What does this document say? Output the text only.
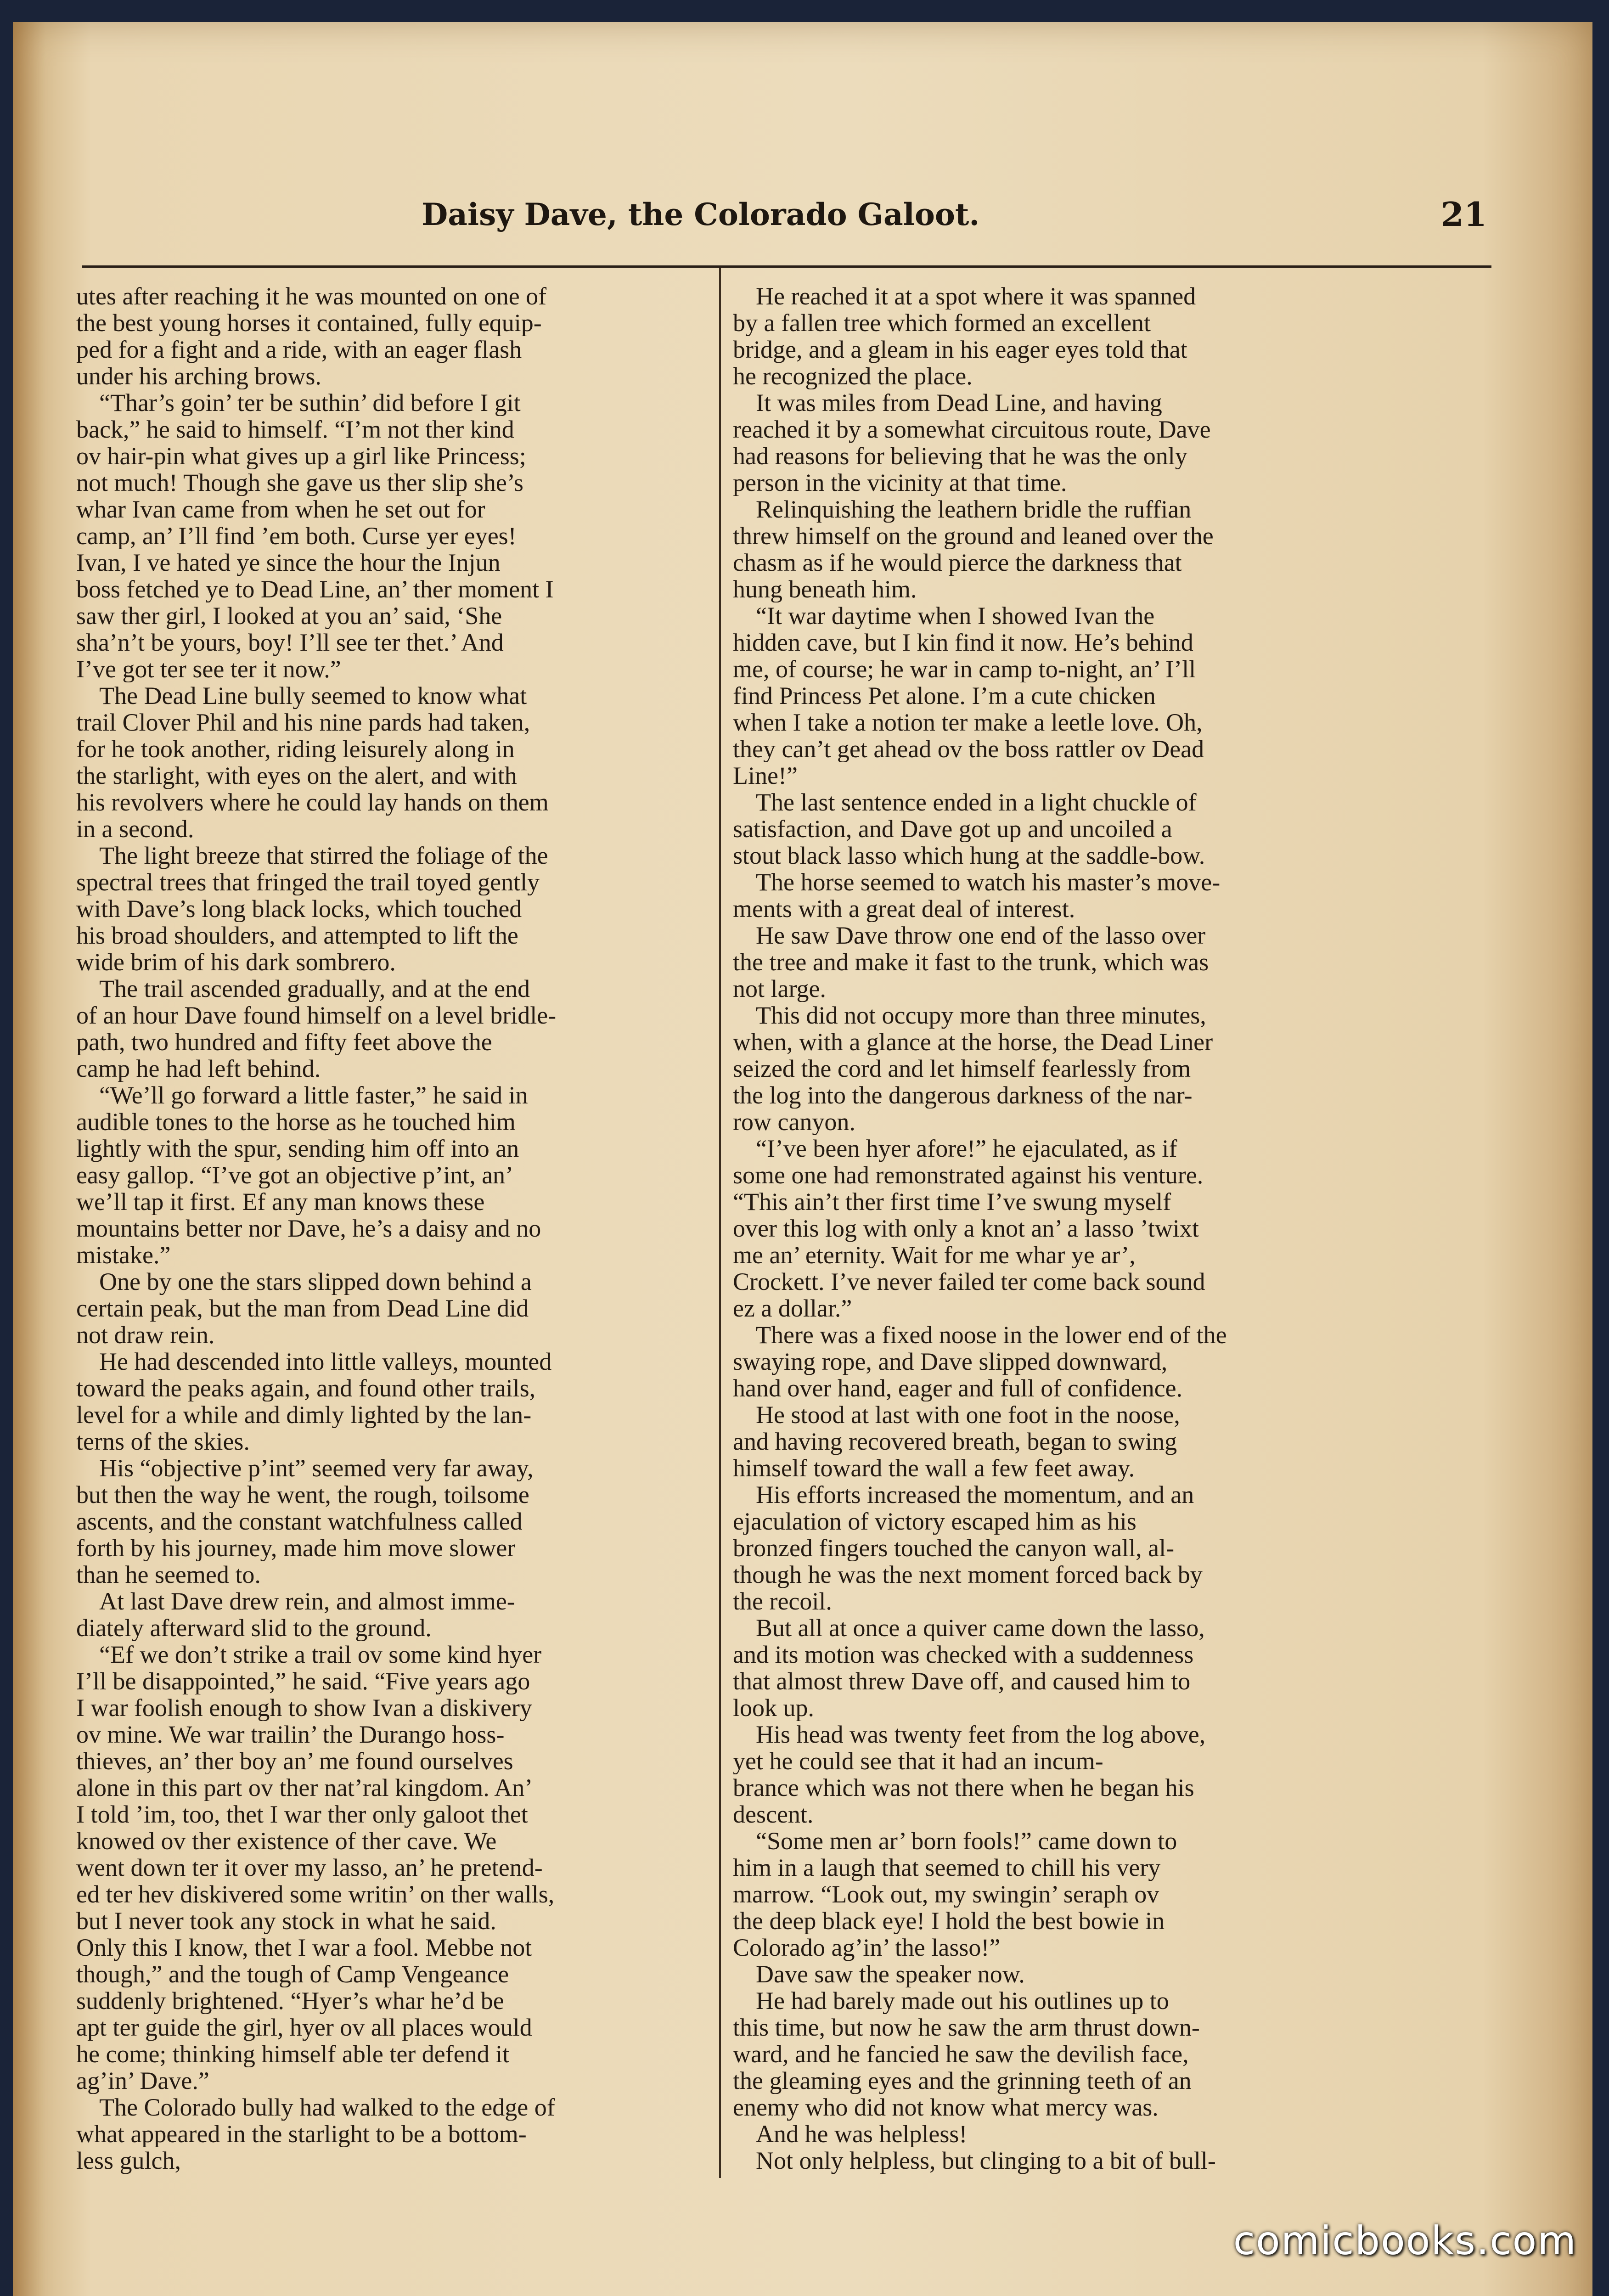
Daisy Dave, the Colorado Galoot.	21
utes after reaching it he was mounted on one of
the best young horses it contained, fully equip-
ped for a fight and a ride, with an eager flash
under his arching brows.
“Thar’s goin’ ter be suthin’ did before I git
back,” he said to himself. “I’m not ther kind
ov hair-pin what gives up a girl like Princess;
not much! Though she gave us ther slip she’s
whar Ivan came from when he set out for
camp, an’ I’ll find ’em both. Curse yer eyes!
Ivan, I ve hated ye since the hour the Injun
boss fetched ye to Dead Line, an’ ther moment I
saw ther girl, I looked at you an’ said, ‘She
sha’n’t be yours, boy! I’ll see ter thet.’ And
I’ve got ter see ter it now.”
The Dead Line bully seemed to know what
trail Clover Phil and his nine pards had taken,
for he took another, riding leisurely along in
the starlight, with eyes on the alert, and with
his revolvers where he could lay hands on them
in a second.
The light breeze that stirred the foliage of the
spectral trees that fringed the trail toyed gently
with Dave’s long black locks, which touched
his broad shoulders, and attempted to lift the
wide brim of his dark sombrero.
The trail ascended gradually, and at the end
of an hour Dave found himself on a level bridle-
path, two hundred and fifty feet above the
camp he had left behind.
“We’ll go forward a little faster,” he said in
audible tones to the horse as he touched him
lightly with the spur, sending him off into an
easy gallop. “I’ve got an objective p’int, an’
we’ll tap it first. Ef any man knows these
mountains better nor Dave, he’s a daisy and no
mistake.”
One by one the stars slipped down behind a
certain peak, but the man from Dead Line did
not draw rein.
He had descended into little valleys, mounted
toward the peaks again, and found other trails,
level for a while and dimly lighted by the lan-
terns of the skies.
His “objective p’int” seemed very far away,
but then the way he went, the rough, toilsome
ascents, and the constant watchfulness called
forth by his journey, made him move slower
than he seemed to.
At last Dave drew rein, and almost imme-
diately afterward slid to the ground.
“Ef we don’t strike a trail ov some kind hyer
I’ll be disappointed,” he said. “Five years ago
I war foolish enough to show Ivan a diskivery
ov mine. We war trailin’ the Durango hoss-
thieves, an’ ther boy an’ me found ourselves
alone in this part ov ther nat’ral kingdom. An’
I told ’im, too, thet I war ther only galoot thet
knowed ov ther existence of ther cave. We
went down ter it over my lasso, an’ he pretend-
ed ter hev diskivered some writin’ on ther walls,
but I never took any stock in what he said.
Only this I know, thet I war a fool. Mebbe not
though,” and the tough of Camp Vengeance
suddenly brightened. “Hyer’s whar he’d be
apt ter guide the girl, hyer ov all places would
he come; thinking himself able ter defend it
ag’in’ Dave.”
The Colorado bully had walked to the edge of
what appeared in the starlight to be a bottom-
less gulch,
He reached it at a spot where it was spanned
by a fallen tree which formed an excellent
bridge, and a gleam in his eager eyes told that
he recognized the place.
It was miles from Dead Line, and having
reached it by a somewhat circuitous route, Dave
had reasons for believing that he was the only
person in the vicinity at that time.
Relinquishing the leathern bridle the ruffian
threw himself on the ground and leaned over the
chasm as if he would pierce the darkness that
hung beneath him.
“It war daytime when I showed Ivan the
hidden cave, but I kin find it now. He’s behind
me, of course; he war in camp to-night, an’ I’ll
find Princess Pet alone. I’m a cute chicken
when I take a notion ter make a leetle love. Oh,
they can’t get ahead ov the boss rattler ov Dead
Line!”
The last sentence ended in a light chuckle of
satisfaction, and Dave got up and uncoiled a
stout black lasso which hung at the saddle-bow.
The horse seemed to watch his master’s move-
ments with a great deal of interest.
He saw Dave throw one end of the lasso over
the tree and make it fast to the trunk, which was
not large.
This did not occupy more than three minutes,
when, with a glance at the horse, the Dead Liner
seized the cord and let himself fearlessly from
the log into the dangerous darkness of the nar-
row canyon.
“I’ve been hyer afore!” he ejaculated, as if
some one had remonstrated against his venture.
“This ain’t ther first time I’ve swung myself
over this log with only a knot an’ a lasso ’twixt
me an’ eternity. Wait for me whar ye ar’,
Crockett. I’ve never failed ter come back sound
ez a dollar.”
There was a fixed noose in the lower end of the
swaying rope, and Dave slipped downward,
hand over hand, eager and full of confidence.
He stood at last with one foot in the noose,
and having recovered breath, began to swing
himself toward the wall a few feet away.
His efforts increased the momentum, and an
ejaculation of victory escaped him as his
bronzed fingers touched the canyon wall, al-
though he was the next moment forced back by
the recoil.
But all at once a quiver came down the lasso,
and its motion was checked with a suddenness
that almost threw Dave off, and caused him to
look up.
His head was twenty feet from the log above,
yet he could see that it had an incum-
brance which was not there when he began his
descent.
“Some men ar’ born fools!” came down to
him in a laugh that seemed to chill his very
marrow. “Look out, my swingin’ seraph ov
the deep black eye! I hold the best bowie in
Colorado ag’in’ the lasso!”
Dave saw the speaker now.
He had barely made out his outlines up to
this time, but now he saw the arm thrust down-
ward, and he fancied he saw the devilish face,
the gleaming eyes and the grinning teeth of an
enemy who did not know what mercy was.
And he was helpless!
Not only helpless, but clinging to a bit of bull-
comicbooks.com
